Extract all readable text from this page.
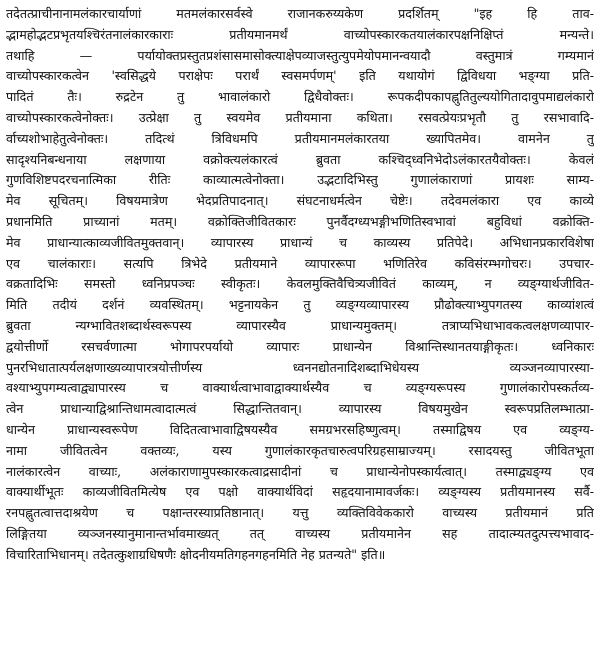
तदेतत्प्राचीनानामलंकारचार्याणां मतमलंकारसर्वस्वे राजानकरुय्यकेण प्रदर्शितम् "इह हि ताव-
द्भामहोद्भटप्रभृतयश्चिरंतनालंकारकाराः प्रतीयमानमर्थं वाच्योपस्कारकतयालंकारपक्षनिक्षिप्तं मन्यन्ते।
तथाहि — पर्यायोक्तप्रस्तुतप्रशंसासमासोक्त्याक्षेपव्याजस्तुत्युपमेयोपमानन्वयादौ वस्तुमात्रं गम्यमानं
वाच्योपस्कारकत्वेन 'स्वसिद्धये पराक्षेपः परार्थं स्वसमर्पणम्' इति यथायोगं द्विविधया भङ्ग्या प्रति-
पादितं तैः। रुद्रटेन तु भावालंकारो द्विधैवोक्तः। रूपकदीपकापह्नुतितुल्ययोगितादावुपमाद्यलंकारो
वाच्योपस्कारकत्वेनोक्तः। उत्प्रेक्षा तु स्वयमेव प्रतीयमाना कथिता। रसवत्प्रेयःप्रभृतौ तु रसभावादि-
र्वाच्यशोभाहेतुत्वेनोक्तः। तदित्थं त्रिविधमपि प्रतीयमानमलंकारतया ख्यापितमेव। वामनेन तु
सादृश्यनिबन्धनाया लक्षणाया वक्रोक्त्यलंकारत्वं ब्रुवता कश्चिद्ध्वनिभेदोऽलंकारतयैवोक्तः। केवलं
गुणविशिष्टपदरचनात्मिका रीतिः काव्यात्मत्वेनोक्ता। उद्भटादिभिस्तु गुणालंकाराणां प्रायशः साम्य-
मेव सूचितम्। विषयमात्रेण भेदप्रतिपादनात्। संघटनाधर्मत्वेन चेष्टेः। तदेवमलंकारा एव काव्ये
प्रधानमिति प्राच्यानां मतम्। वक्रोक्तिजीवितकारः पुनर्वैदग्ध्यभङ्गीभणितिस्वभावां बहुविधां वक्रोक्ति-
मेव प्राधान्यात्काव्यजीवितमुक्तवान्। व्यापारस्य प्राधान्यं च काव्यस्य प्रतिपेदे। अभिधानप्रकारविशेषा
एव चालंकाराः। सत्यपि त्रिभेदे प्रतीयमाने व्यापाररूपा भणितिरेव कविसंरम्भगोचरः। उपचार-
वक्रतादिभिः समस्तो ध्वनिप्रपञ्चः स्वीकृतः। केवलमुक्तिवैचित्र्यजीवितं काव्यम्, न व्यङ्ग्यार्थजीवित-
मिति तदीयं दर्शनं व्यवस्थितम्। भट्टनायकेन तु व्यङ्ग्यव्यापारस्य प्रौढोक्त्याभ्युपगतस्य काव्यांशत्वं
ब्रुवता न्यग्भावितशब्दार्थस्वरूपस्य व्यापारस्यैव प्राधान्यमुक्तम्। तत्राप्यभिधाभावकत्वलक्षणव्यापार-
द्वयोत्तीर्णो रसचर्वणात्मा भोगापरपर्यायो व्यापारः प्राधान्येन विश्रान्तिस्थानतयाङ्गीकृतः। ध्वनिकारः
पुनरभिधातात्पर्यलक्षणाख्यव्यापारत्रयोत्तीर्णस्य ध्वननद्योतनादिशब्दाभिधेयस्य व्यञ्जनव्यापारस्या-
वश्याभ्युपगम्यत्वाद्व्यापारस्य च वाक्यार्थत्वाभावाद्वाक्यार्थस्यैव च व्यङ्ग्यरूपस्य गुणालंकारोपस्कर्तव्य-
त्वेन प्राधान्याद्विश्रान्तिधामत्वादात्मत्वं सिद्धान्तितवान्। व्यापारस्य विषयमुखेन स्वरूपप्रतिलम्भात्प्रा-
धान्येन प्राधान्यस्वरूपेण विदितत्वाभावाद्विषयस्यैव समग्रभरसहिष्णुत्वम्। तस्माद्विषय एव व्यङ्ग्य-
नामा जीवितत्वेन वक्तव्यः, यस्य गुणालंकारकृतचारुत्वपरिग्रहसाम्राज्यम्। रसादयस्तु जीवितभूता
नालंकारत्वेन वाच्याः, अलंकाराणामुपस्कारकत्वाद्रसादीनां च प्राधान्येनोपस्कार्यत्वात्। तस्माद्व्यङ्ग्य एव
वाक्यार्थीभूतः काव्यजीवितमित्येष एव पक्षो वाक्यार्थविदां सहृदयानामावर्जकः। व्यङ्ग्यस्य प्रतीयमानस्य सर्वै-
रनपह्नुतत्वात्तदाश्रयेण च पक्षान्तरस्याप्रतिष्ठानात्। यत्तु व्यक्तिविवेककारो वाच्यस्य प्रतीयमानं प्रति
लिङ्गितया व्यञ्जनस्यानुमानान्तर्भावमाख्यत् तत् वाच्यस्य प्रतीयमानेन सह तादात्म्यतदुत्पत्त्यभावाद-
विचारिताभिधानम्। तदेतत्कुशाग्रधिषणैः क्षोदनीयमतिगहनगहनमिति नेह प्रतन्यते" इति॥
